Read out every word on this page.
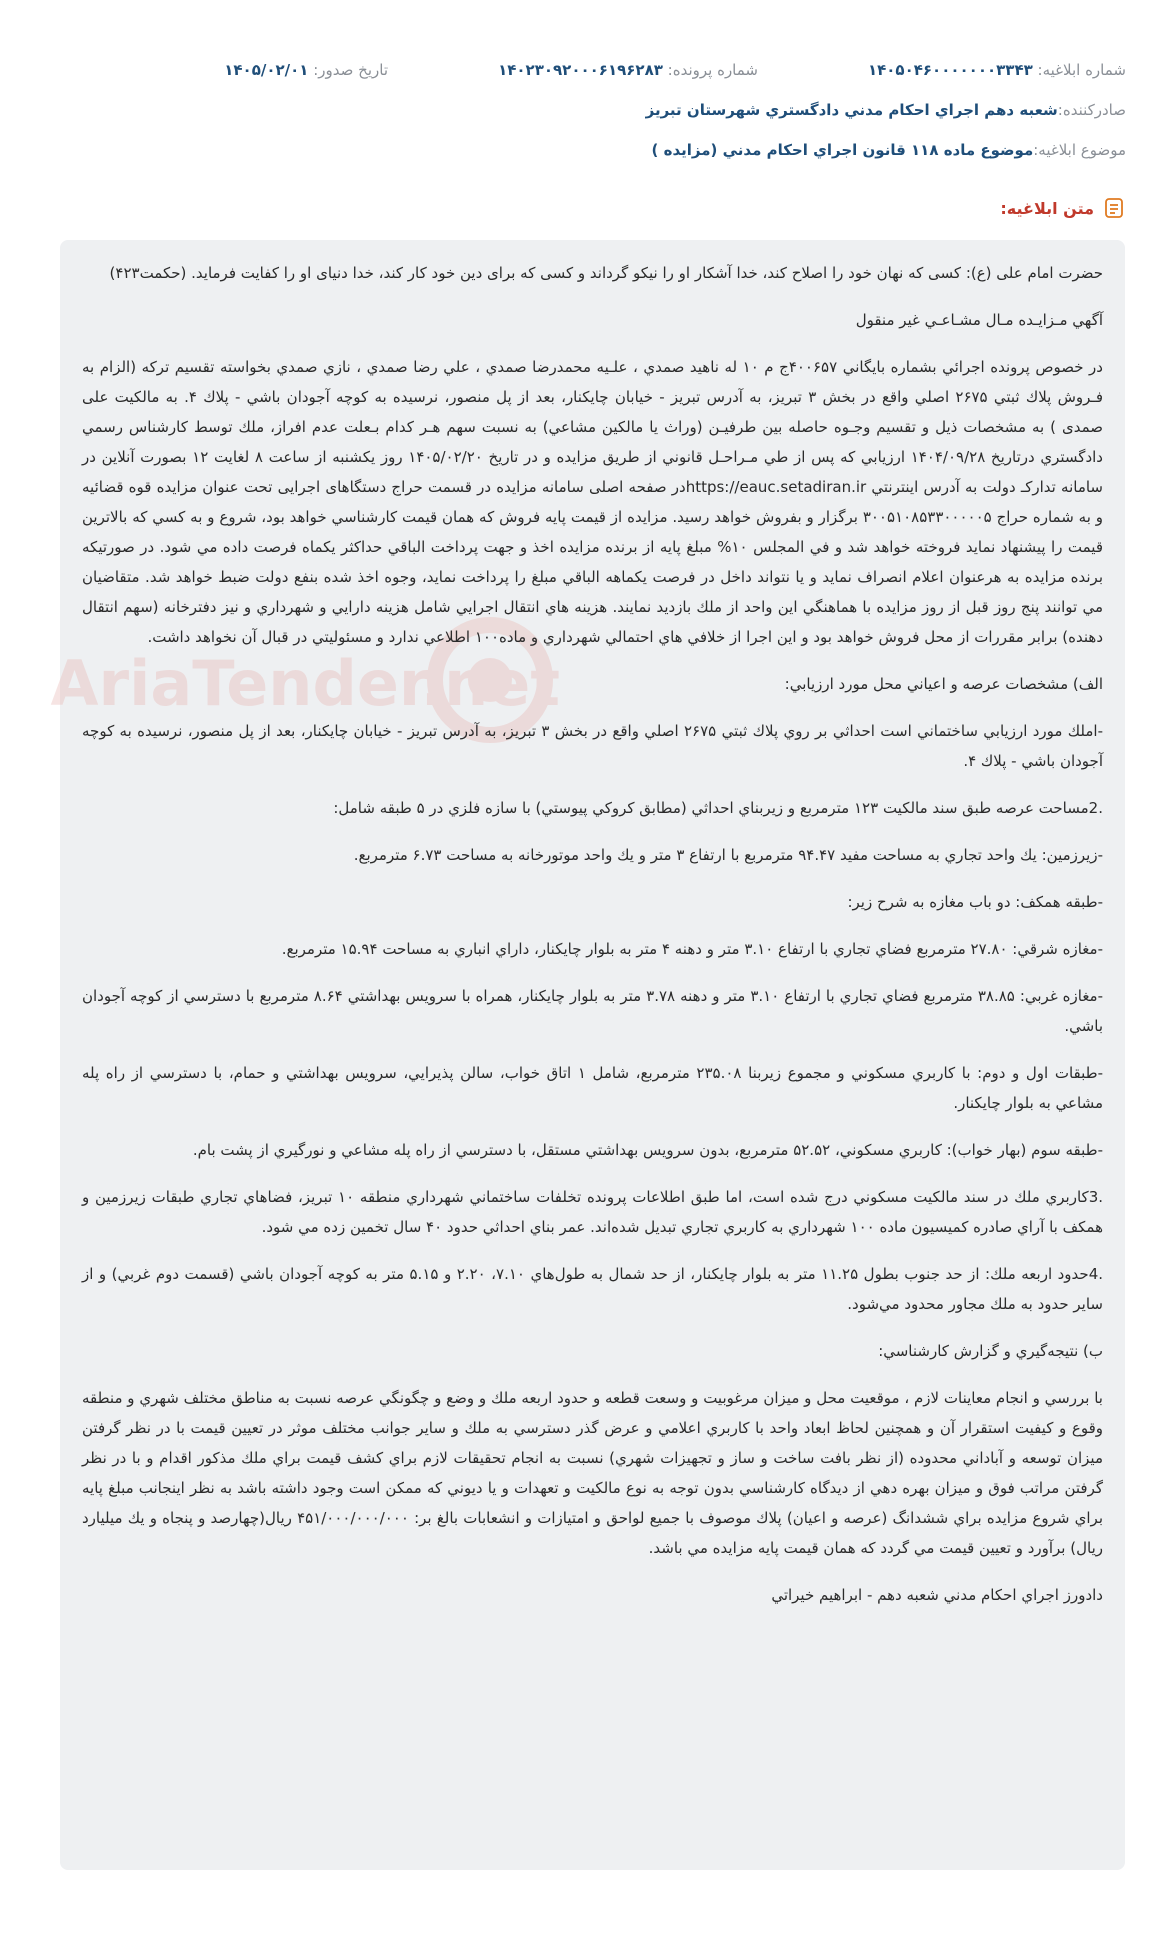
شماره ابلاغيه: ۱۴۰۵۰۴۶۰۰۰۰۰۰۰۳۳۴۳
شماره پرونده: ۱۴۰۲۳۰۹۲۰۰۰۶۱۹۶۲۸۳
تاريخ صدور: ۱۴۰۵/۰۲/۰۱
صادرکننده:
شعبه دهم اجراي احكام مدني دادگستري شهرستان تبريز
موضوع ابلاغيه:
موضوع ماده ۱۱۸ قانون اجراي احكام مدني (مزايده )
متن ابلاغيه:
AriaTender.net

حضرت امام علی (ع): کسی که نهان خود را اصلاح کند، خدا آشکار او را نیکو گرداند و کسی که برای دین خود کار کند، خدا دنیای او را کفایت فرماید. (حکمت۴۲۳)

آگهي مـزايـده مـال مشـاعـي غير منقول

در خصوص پرونده اجرائي بشماره بايگاني ۴۰۰۶۵۷ج م ۱۰ له ناهيد صمدي ، علـيه محمدرضا صمدي ، علي رضا صمدي ، نازي صمدي بخواسته تقسيم تركه (الزام به فـروش پلاك ثبتي ۲۶۷۵ اصلي واقع در بخش ۳ تبريز، به آدرس تبريز - خيابان چايكنار، بعد از پل منصور، نرسيده به كوچه آجودان باشي - پلاك ۴. به مالکيت علی صمدی ) به مشخصات ذيل و تقسيم وجـوه حاصله بين طرفيـن (وراث يا مالكين مشاعي) به نسبت سهم هـر كدام بـعلت عدم افراز، ملك توسط كارشناس رسمي دادگستري درتاريخ ۱۴۰۴/۰۹/۲۸ ارزيابي كه پس از طي مـراحـل قانوني از طريق مزايده و در تاريخ ۱۴۰۵/۰۲/۲۰ روز يكشنبه از ساعت ۸ لغايت ۱۲ بصورت آنلاين در سامانه تداركـ دولت به آدرس اينترنتي https://eauc.setadiran.irدر صفحه اصلی سامانه مزایده در قسمت حراج دستگاهای اجرایی تحت عنوان مزايده قوه قضائيه و به شماره حراج ۳۰۰۵۱۰۸۵۳۳۰۰۰۰۰۵ برگزار و بفروش خواهد رسيد. مزايده از قيمت پايه فروش كه همان قيمت كارشناسي خواهد بود، شروع و به كسي كه بالاترين قيمت را پيشنهاد نمايد فروخته خواهد شد و في المجلس ۱۰% مبلغ پايه از برنده مزايده اخذ و جهت پرداخت الباقي حداكثر يكماه فرصت داده مي شود. در صورتيكه برنده مزايده به هرعنوان اعلام انصراف نمايد و يا نتواند داخل در فرصت يكماهه الباقي مبلغ را پرداخت نمايد، وجوه اخذ شده بنفع دولت ضبط خواهد شد. متقاضيان مي توانند پنج روز قبل از روز مزايده با هماهنگي اين واحد از ملك بازديد نمايند. هزينه هاي انتقال اجرايي شامل هزينه دارايي و شهرداري و نيز دفترخانه (سهم انتقال دهنده) برابر مقررات از محل فروش خواهد بود و اين اجرا از خلافي هاي احتمالي شهرداري و ماده۱۰۰ اطلاعي ندارد و مسئوليتي در قبال آن نخواهد داشت.

الف) مشخصات عرصه و اعياني محل مورد ارزيابي:

-املك مورد ارزيابي ساختماني است احداثي بر روي پلاك ثبتي ۲۶۷۵ اصلي واقع در بخش ۳ تبريز، به آدرس تبريز - خيابان چايكنار، بعد از پل منصور، نرسيده به كوچه آجودان باشي - پلاك ۴.

.2مساحت عرصه طبق سند مالكيت ۱۲۳ مترمربع و زيربناي احداثي (مطابق كروكي پيوستي) با سازه فلزي در ۵ طبقه شامل:

-زيرزمين: يك واحد تجاري به مساحت مفيد ۹۴.۴۷ مترمربع با ارتفاع ۳ متر و يك واحد موتورخانه به مساحت ۶.۷۳ مترمربع.

-طبقه همكف: دو باب مغازه به شرح زير:

-مغازه شرقي: ۲۷.۸۰ مترمربع فضاي تجاري با ارتفاع ۳.۱۰ متر و دهنه ۴ متر به بلوار چايكنار، داراي انباري به مساحت ۱۵.۹۴ مترمربع.

-مغازه غربي: ۳۸.۸۵ مترمربع فضاي تجاري با ارتفاع ۳.۱۰ متر و دهنه ۳.۷۸ متر به بلوار چايكنار، همراه با سرويس بهداشتي ۸.۶۴ مترمربع با دسترسي از كوچه آجودان باشي.

-طبقات اول و دوم: با كاربري مسكوني و مجموع زيربنا ۲۳۵.۰۸ مترمربع، شامل ۱ اتاق خواب، سالن پذيرايي، سرويس بهداشتي و حمام، با دسترسي از راه پله مشاعي به بلوار چايكنار.

-طبقه سوم (بهار خواب): كاربري مسكوني، ۵۲.۵۲ مترمربع، بدون سرويس بهداشتي مستقل، با دسترسي از راه پله مشاعي و نورگيري از پشت بام.

.3كاربري ملك در سند مالكيت مسكوني درج شده است، اما طبق اطلاعات پرونده تخلفات ساختماني شهرداري منطقه ۱۰ تبريز، فضاهاي تجاري طبقات زيرزمين و همكف با آراي صادره كميسيون ماده ۱۰۰ شهرداري به كاربري تجاري تبديل شده‌اند. عمر بناي احداثي حدود ۴۰ سال تخمين زده مي شود.

.4حدود اربعه ملك: از حد جنوب بطول ۱۱.۲۵ متر به بلوار چايكنار، از حد شمال به طول‌هاي ۷.۱۰، ۲.۲۰ و ۵.۱۵ متر به كوچه آجودان باشي (قسمت دوم غربي) و از ساير حدود به ملك مجاور محدود مي‌شود.

ب) نتيجه‌گيري و گزارش كارشناسي:

با بررسي و انجام معاينات لازم ، موقعيت محل و ميزان مرغوبيت و وسعت قطعه و حدود اربعه ملك و وضع و چگونگي عرصه نسبت به مناطق مختلف شهري و منطقه وقوع و كيفيت استقرار آن و همچنين لحاظ ابعاد واحد با كاربري اعلامي و عرض گذر دسترسي به ملك و ساير جوانب مختلف موثر در تعيين قيمت با در نظر گرفتن ميزان توسعه و آباداني محدوده (از نظر بافت ساخت و ساز و تجهيزات شهري) نسبت به انجام تحقيقات لازم براي كشف قيمت براي ملك مذكور اقدام و با در نظر گرفتن مراتب فوق و ميزان بهره دهي از ديدگاه كارشناسي بدون توجه به نوع مالكيت و تعهدات و يا ديوني كه ممكن است وجود داشته باشد به نظر اينجانب مبلغ پايه براي شروع مزايده براي ششدانگ (عرصه و اعيان) پلاك موصوف با جميع لواحق و امتيازات و انشعابات بالغ بر: ۴۵۱/۰۰۰/۰۰۰/۰۰۰ ريال(چهارصد و پنجاه و يك ميليارد ريال) برآورد و تعيين قيمت مي گردد كه همان قيمت پايه مزايده مي باشد.

دادورز اجراي احكام مدني شعبه دهم - ابراهيم خيراتي
